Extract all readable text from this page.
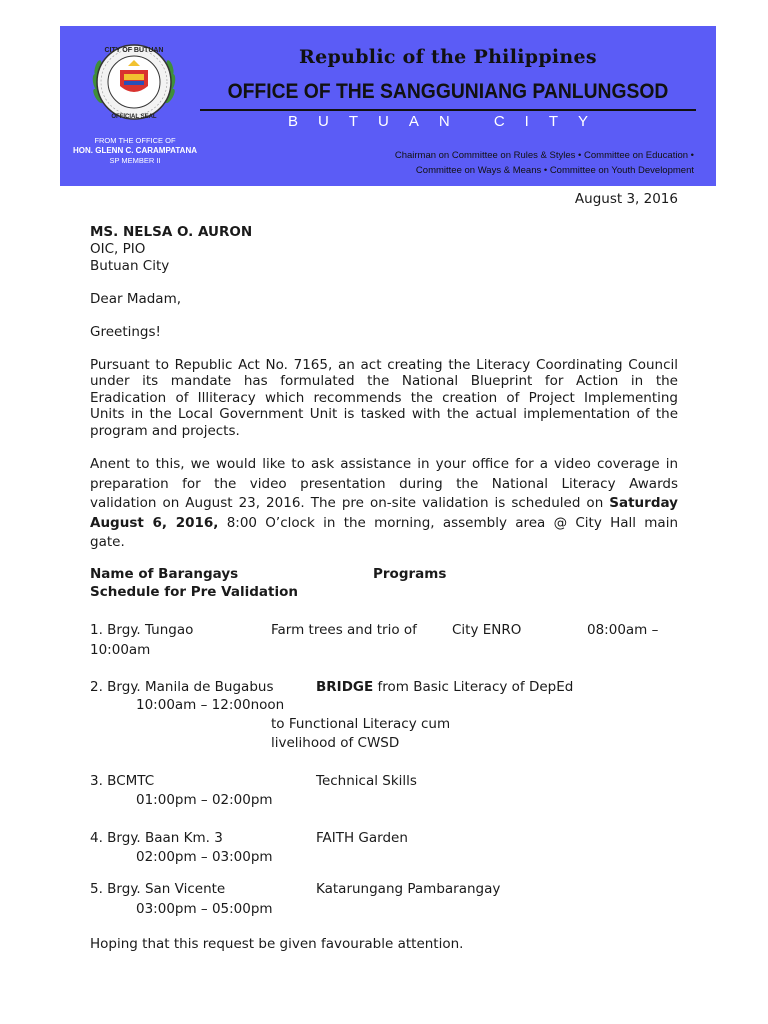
CITY OF BUTUAN
OFFICIAL SEAL
FROM THE OFFICE OF
HON. GLENN C. CARAMPATANA
SP MEMBER II
Republic of the Philippines
OFFICE OF THE SANGGUNIANG PANLUNGSOD
BUTUAN CITY
Chairman on Committee on Rules & Styles • Committee on Education •
Committee on Ways & Means • Committee on Youth Development
August 3, 2016
MS. NELSA O. AURON
OIC, PIO
Butuan City
Dear Madam,
Greetings!
Pursuant to Republic Act No. 7165, an act creating the Literacy Coordinating Council
under its mandate has formulated the National Blueprint for Action in the
Eradication of Illiteracy which recommends the creation of Project Implementing
Units in the Local Government Unit is tasked with the actual implementation of the
program and projects.
Anent to this, we would like to ask assistance in your office for a video coverage in
preparation for the video presentation during the National Literacy Awards
validation on August 23, 2016. The pre on-site validation is scheduled on Saturday
August 6, 2016, 8:00 O’clock in the morning, assembly area @ City Hall main
gate.
Name of Barangays	Programs
Schedule for Pre Validation
1. Brgy. Tungao	Farm trees and trio of	City ENRO	08:00am –
10:00am
2. Brgy. Manila de Bugabus	BRIDGE from Basic Literacy of DepEd
10:00am – 12:00noon
to Functional Literacy cum
livelihood of CWSD
3. BCMTC	Technical Skills
01:00pm – 02:00pm
4. Brgy. Baan Km. 3	FAITH Garden
02:00pm – 03:00pm
5. Brgy. San Vicente	Katarungang Pambarangay
03:00pm – 05:00pm
Hoping that this request be given favourable attention.
